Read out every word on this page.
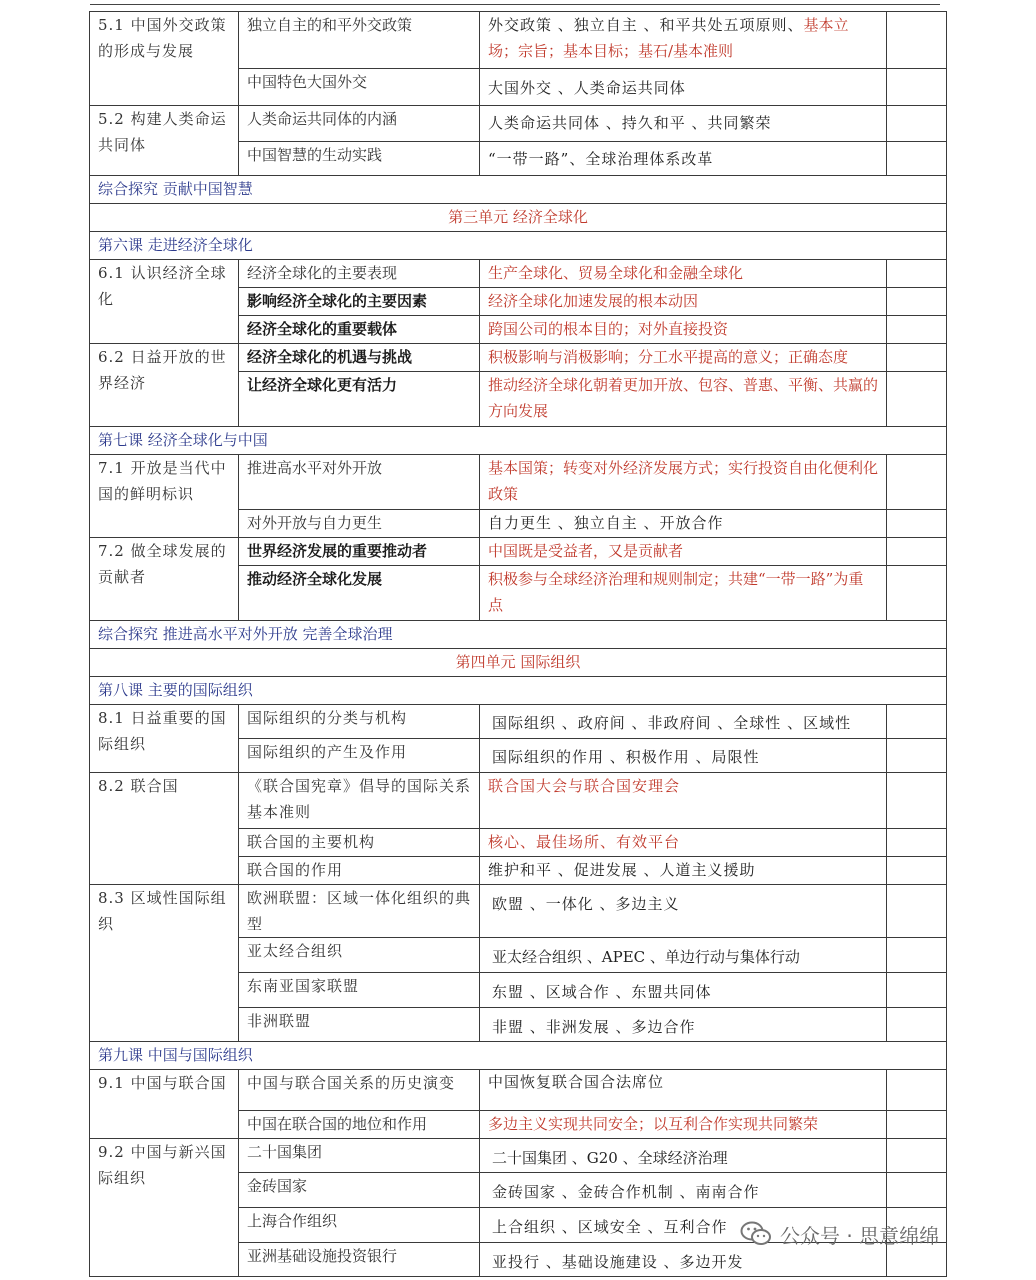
5.1 中国外交政策的形成与发展	独立自主的和平外交政策	外交政策 、独立自主 、和平共处五项原则、基本立场；宗旨；基本目标；基石/基本准则	
	中国特色大国外交	大国外交 、人类命运共同体	
5.2 构建人类命运共同体	人类命运共同体的内涵	人类命运共同体 、持久和平 、共同繁荣	
	中国智慧的生动实践	“一带一路”、全球治理体系改革	
综合探究 贡献中国智慧			
第三单元 经济全球化			
第六课 走进经济全球化			
6.1 认识经济全球化	经济全球化的主要表现	生产全球化、贸易全球化和金融全球化	
	影响经济全球化的主要因素	经济全球化加速发展的根本动因	
	经济全球化的重要载体	跨国公司的根本目的；对外直接投资	
6.2 日益开放的世界经济	经济全球化的机遇与挑战	积极影响与消极影响；分工水平提高的意义；正确态度	
	让经济全球化更有活力	推动经济全球化朝着更加开放、包容、普惠、平衡、共赢的方向发展	
第七课 经济全球化与中国			
7.1 开放是当代中国的鲜明标识	推进高水平对外开放	基本国策；转变对外经济发展方式；实行投资自由化便利化政策	
	对外开放与自力更生	自力更生 、独立自主 、开放合作	
7.2 做全球发展的贡献者	世界经济发展的重要推动者	中国既是受益者，又是贡献者	
	推动经济全球化发展	积极参与全球经济治理和规则制定；共建“一带一路”为重点	
综合探究 推进高水平对外开放 完善全球治理			
第四单元 国际组织			
第八课 主要的国际组织			
8.1 日益重要的国际组织	国际组织的分类与机构	国际组织 、政府间 、非政府间 、全球性 、区域性	
	国际组织的产生及作用	国际组织的作用 、积极作用 、局限性	
8.2 联合国	《联合国宪章》倡导的国际关系基本准则	联合国大会与联合国安理会	
	联合国的主要机构	核心、最佳场所、有效平台	
	联合国的作用	维护和平 、促进发展 、人道主义援助	
8.3 区域性国际组织	欧洲联盟：区域一体化组织的典型	欧盟 、一体化 、多边主义	
	亚太经合组织	亚太经合组织 、APEC 、单边行动与集体行动	
	东南亚国家联盟	东盟 、区域合作 、东盟共同体	
	非洲联盟	非盟 、非洲发展 、多边合作	
第九课 中国与国际组织			
9.1 中国与联合国	中国与联合国关系的历史演变	中国恢复联合国合法席位	
	中国在联合国的地位和作用	多边主义实现共同安全；以互利合作实现共同繁荣	
9.2 中国与新兴国际组织	二十国集团	二十国集团 、G20 、全球经济治理	
	金砖国家	金砖国家 、金砖合作机制 、南南合作	
	上海合作组织	上合组织 、区域安全 、互利合作	
	亚洲基础设施投资银行	亚投行 、基础设施建设 、多边开发	
公众号 · 思意绵绵
